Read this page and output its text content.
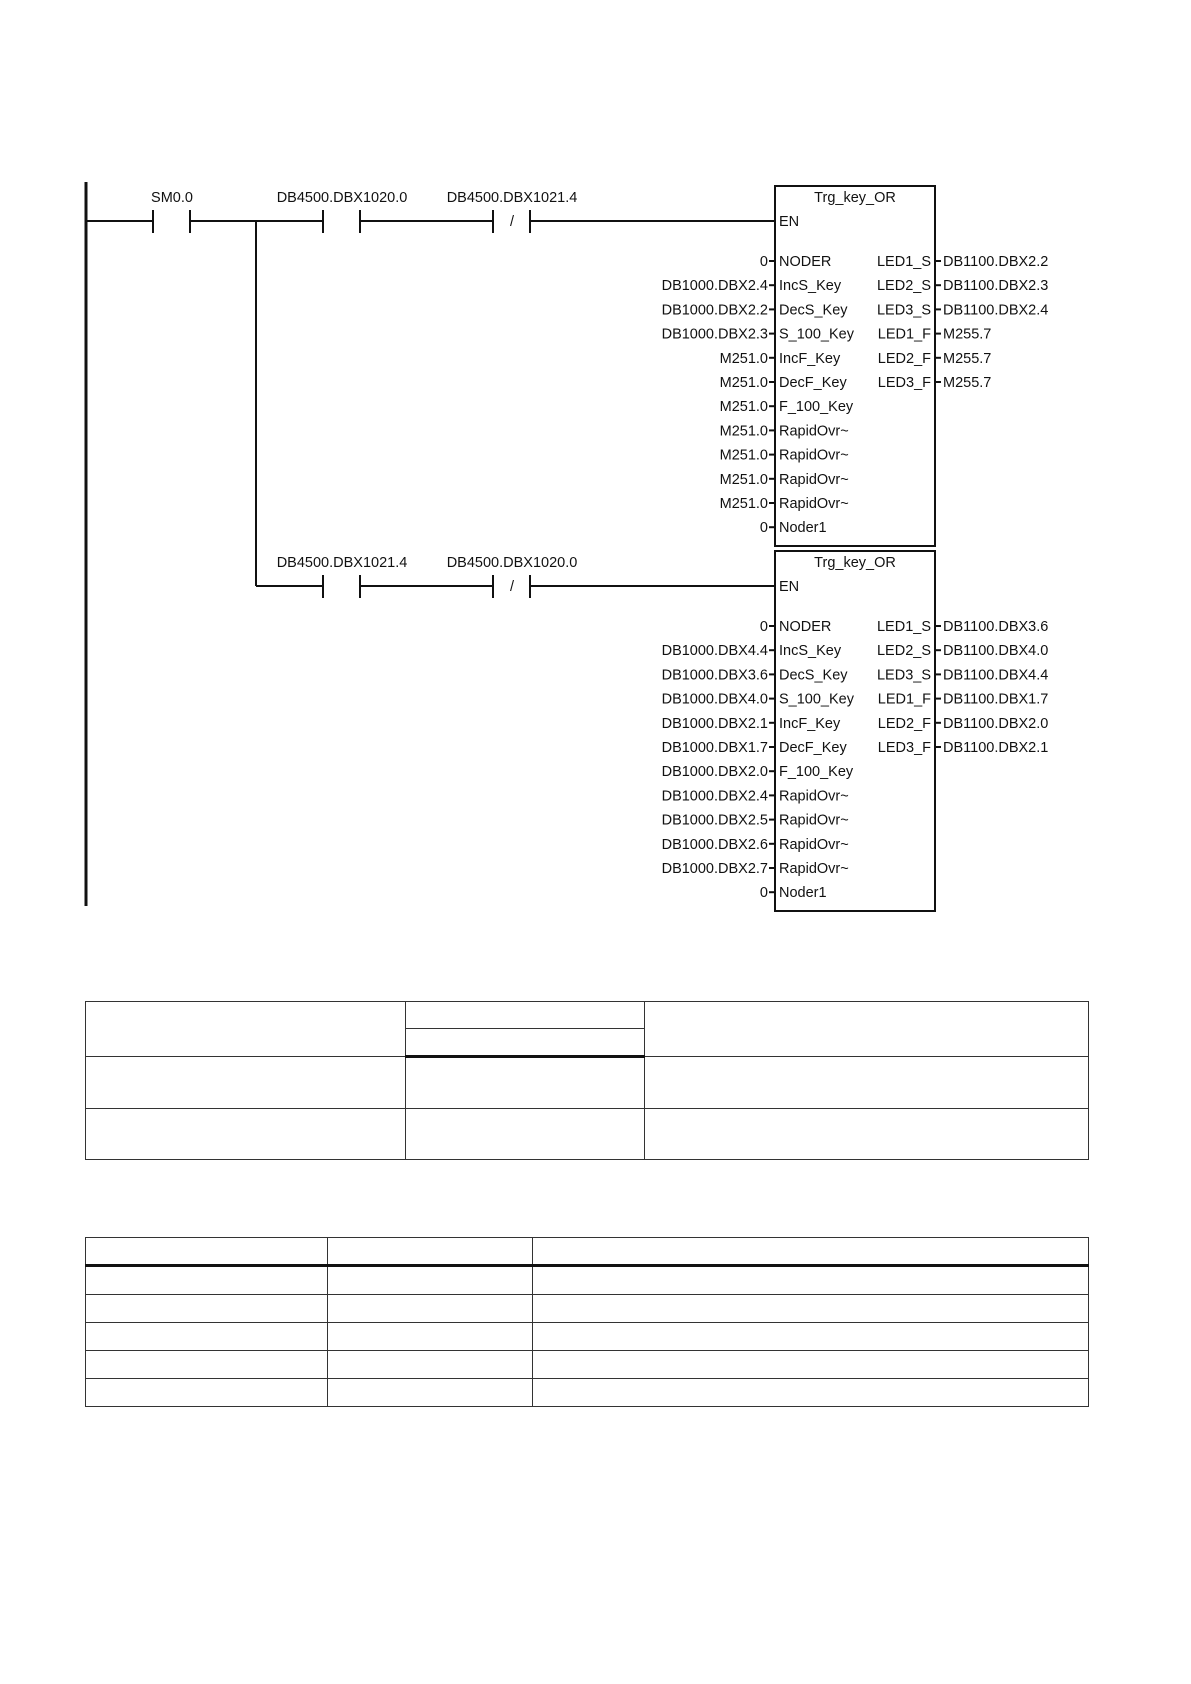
SM0.0	DB4500.DBX1020.0	DB4500.DBX1021.4
/
Trg_key_OR
EN
0 NODER
DB1000.DBX2.4 IncS_Key
DB1000.DBX2.2 DecS_Key
DB1000.DBX2.3 S_100_Key
M251.0 IncF_Key
M251.0 DecF_Key
M251.0 F_100_Key
M251.0 RapidOvr~
M251.0 RapidOvr~
M251.0 RapidOvr~
M251.0 RapidOvr~
0 Noder1
LED1_S DB1100.DBX2.2
LED2_S DB1100.DBX2.3
LED3_S DB1100.DBX2.4
LED1_F M255.7
LED2_F M255.7
LED3_F M255.7
DB4500.DBX1021.4	DB4500.DBX1020.0
/
Trg_key_OR
EN
0 NODER
DB1000.DBX4.4 IncS_Key
DB1000.DBX3.6 DecS_Key
DB1000.DBX4.0 S_100_Key
DB1000.DBX2.1 IncF_Key
DB1000.DBX1.7 DecF_Key
DB1000.DBX2.0 F_100_Key
DB1000.DBX2.4 RapidOvr~
DB1000.DBX2.5 RapidOvr~
DB1000.DBX2.6 RapidOvr~
DB1000.DBX2.7 RapidOvr~
0 Noder1
LED1_S DB1100.DBX3.6
LED2_S DB1100.DBX4.0
LED3_S DB1100.DBX4.4
LED1_F DB1100.DBX1.7
LED2_F DB1100.DBX2.0
LED3_F DB1100.DBX2.1
